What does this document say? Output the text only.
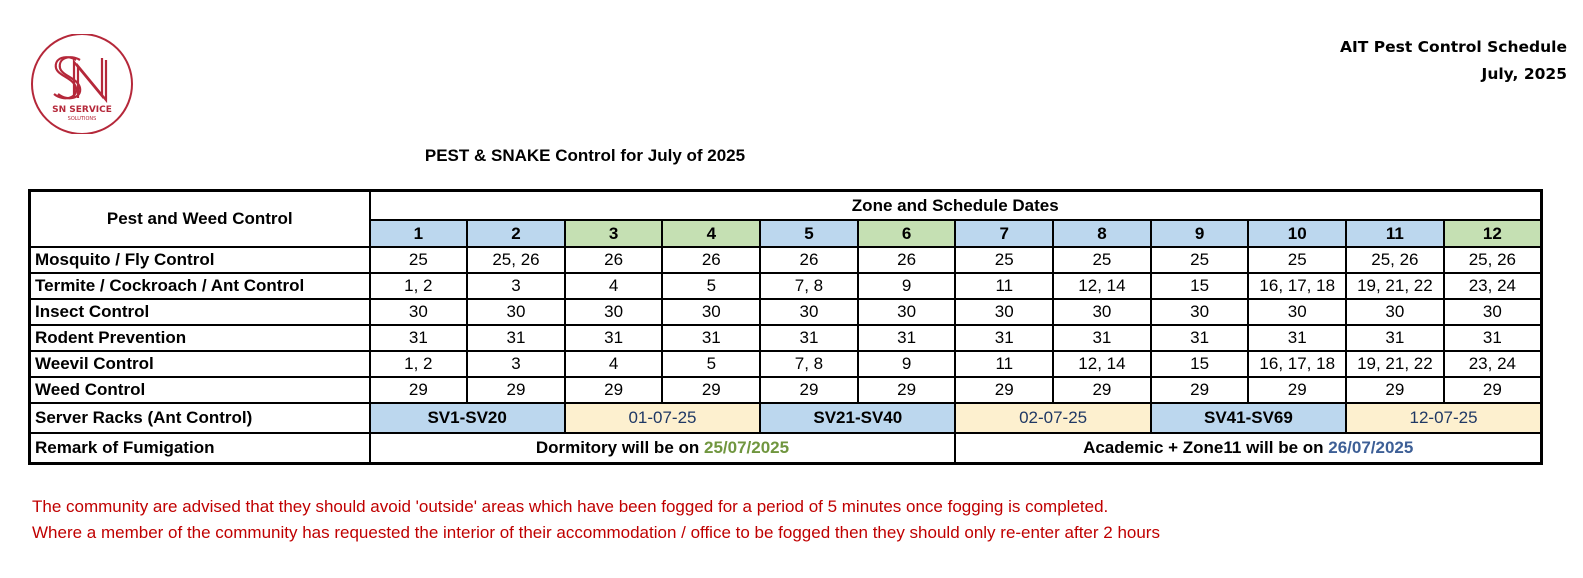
SN SERVICE
SOLUTIONS
AIT Pest Control Schedule
July, 2025
PEST & SNAKE Control for July of 2025
Pest and Weed Control	Zone and Schedule Dates											
	1	2	3	4	5	6	7	8	9	10	11	12
Mosquito / Fly Control	25	25, 26	26	26	26	26	25	25	25	25	25, 26	25, 26
Termite / Cockroach / Ant Control	1, 2	3	4	5	7, 8	9	11	12, 14	15	16, 17, 18	19, 21, 22	23, 24
Insect Control	30	30	30	30	30	30	30	30	30	30	30	30
Rodent Prevention	31	31	31	31	31	31	31	31	31	31	31	31
Weevil Control	1, 2	3	4	5	7, 8	9	11	12, 14	15	16, 17, 18	19, 21, 22	23, 24
Weed Control	29	29	29	29	29	29	29	29	29	29	29	29
Server Racks (Ant Control)	SV1-SV20		01-07-25		SV21-SV40		02-07-25		SV41-SV69		12-07-25	
Remark of Fumigation	Dormitory will be on 25/07/2025						Academic + Zone11 will be on 26/07/2025					
The community are advised that they should avoid 'outside' areas which have been fogged for a period of 5 minutes once fogging is completed.
Where a member of the community has requested the interior of their accommodation / office to be fogged then they should only re-enter after 2 hours
